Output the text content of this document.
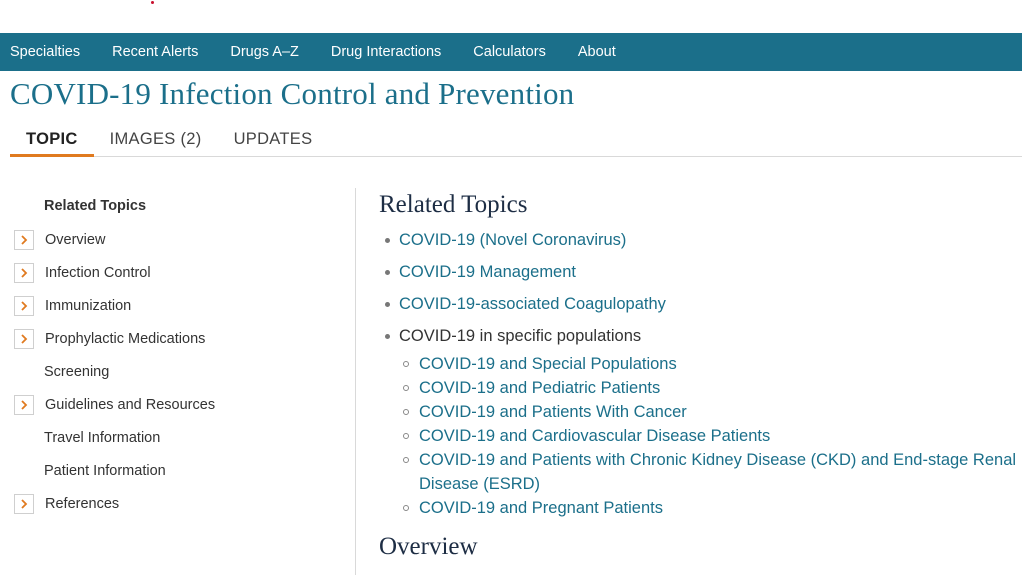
Specialties Recent Alerts Drugs A–Z Drug Interactions Calculators About
COVID-19 Infection Control and Prevention
TOPIC	IMAGES (2)	UPDATES
Related Topics
Overview
Infection Control
Immunization
Prophylactic Medications
Screening
Guidelines and Resources
Travel Information
Patient Information
References
Related Topics
COVID-19 (Novel Coronavirus)
COVID-19 Management
COVID-19-associated Coagulopathy
COVID-19 in specific populations
COVID-19 and Special Populations
COVID-19 and Pediatric Patients
COVID-19 and Patients With Cancer
COVID-19 and Cardiovascular Disease Patients
COVID-19 and Patients with Chronic Kidney Disease (CKD) and End-stage Renal Disease (ESRD)
COVID-19 and Pregnant Patients
Overview
